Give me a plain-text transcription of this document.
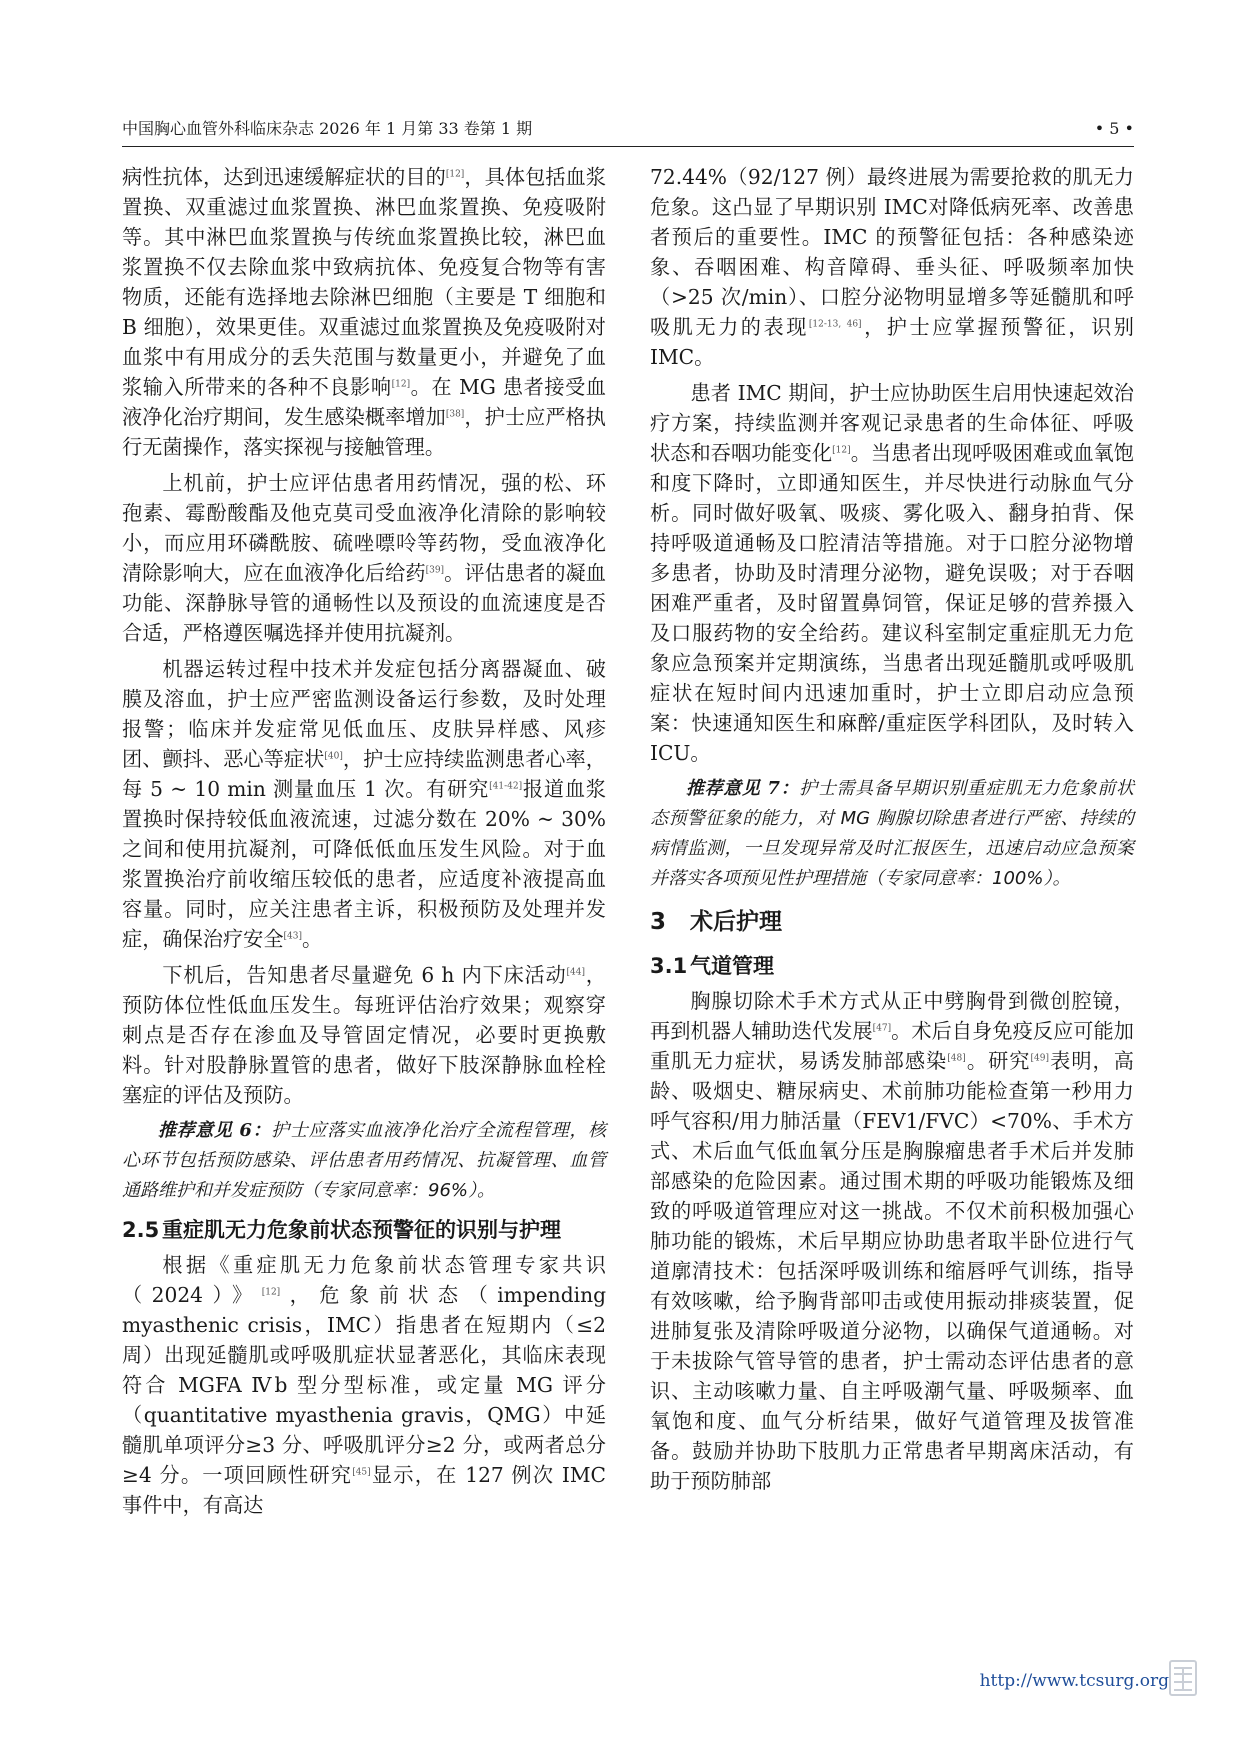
中国胸心血管外科临床杂志 2026 年 1 月第 33 卷第 1 期	• 5 •

病性抗体，达到迅速缓解症状的目的[12]，具体包括血浆置换、双重滤过血浆置换、淋巴血浆置换、免疫吸附等。其中淋巴血浆置换与传统血浆置换比较，淋巴血浆置换不仅去除血浆中致病抗体、免疫复合物等有害物质，还能有选择地去除淋巴细胞（主要是 T 细胞和 B 细胞），效果更佳。双重滤过血浆置换及免疫吸附对血浆中有用成分的丢失范围与数量更小，并避免了血浆输入所带来的各种不良影响[12]。在 MG 患者接受血液净化治疗期间，发生感染概率增加[38]，护士应严格执行无菌操作，落实探视与接触管理。

上机前，护士应评估患者用药情况，强的松、环孢素、霉酚酸酯及他克莫司受血液净化清除的影响较小，而应用环磷酰胺、硫唑嘌呤等药物，受血液净化清除影响大，应在血液净化后给药[39]。评估患者的凝血功能、深静脉导管的通畅性以及预设的血流速度是否合适，严格遵医嘱选择并使用抗凝剂。

机器运转过程中技术并发症包括分离器凝血、破膜及溶血，护士应严密监测设备运行参数，及时处理报警；临床并发症常见低血压、皮肤异样感、风疹团、颤抖、恶心等症状[40]，护士应持续监测患者心率，每 5 ~ 10 min 测量血压 1 次。有研究[41-42]报道血浆置换时保持较低血液流速，过滤分数在 20% ~ 30% 之间和使用抗凝剂，可降低低血压发生风险。对于血浆置换治疗前收缩压较低的患者，应适度补液提高血容量。同时，应关注患者主诉，积极预防及处理并发症，确保治疗安全[43]。

下机后，告知患者尽量避免 6 h 内下床活动[44]，预防体位性低血压发生。每班评估治疗效果；观察穿刺点是否存在渗血及导管固定情况，必要时更换敷料。针对股静脉置管的患者，做好下肢深静脉血栓栓塞症的评估及预防。

推荐意见 6：护士应落实血液净化治疗全流程管理，核心环节包括预防感染、评估患者用药情况、抗凝管理、血管通路维护和并发症预防（专家同意率：96%）。

2.5 重症肌无力危象前状态预警征的识别与护理

根据《重症肌无力危象前状态管理专家共识（2024）》[12]，危象前状态（impending myasthenic crisis，IMC）指患者在短期内（≤2 周）出现延髓肌或呼吸肌症状显著恶化，其临床表现符合 MGFA Ⅳb 型分型标准，或定量 MG 评分（quantitative myasthenia gravis，QMG）中延髓肌单项评分≥3 分、呼吸肌评分≥2 分，或两者总分≥4 分。一项回顾性研究[45]显示，在 127 例次 IMC 事件中，有高达

72.44%（92/127 例）最终进展为需要抢救的肌无力危象。这凸显了早期识别 IMC对降低病死率、改善患者预后的重要性。IMC 的预警征包括：各种感染迹象、吞咽困难、构音障碍、垂头征、呼吸频率加快（>25 次/min）、口腔分泌物明显增多等延髓肌和呼吸肌无力的表现[12-13, 46]，护士应掌握预警征，识别 IMC。

患者 IMC 期间，护士应协助医生启用快速起效治疗方案，持续监测并客观记录患者的生命体征、呼吸状态和吞咽功能变化[12]。当患者出现呼吸困难或血氧饱和度下降时，立即通知医生，并尽快进行动脉血气分析。同时做好吸氧、吸痰、雾化吸入、翻身拍背、保持呼吸道通畅及口腔清洁等措施。对于口腔分泌物增多患者，协助及时清理分泌物，避免误吸；对于吞咽困难严重者，及时留置鼻饲管，保证足够的营养摄入及口服药物的安全给药。建议科室制定重症肌无力危象应急预案并定期演练，当患者出现延髓肌或呼吸肌症状在短时间内迅速加重时，护士立即启动应急预案：快速通知医生和麻醉/重症医学科团队，及时转入 ICU。

推荐意见 7：护士需具备早期识别重症肌无力危象前状态预警征象的能力，对 MG 胸腺切除患者进行严密、持续的病情监测，一旦发现异常及时汇报医生，迅速启动应急预案并落实各项预见性护理措施（专家同意率：100%）。

3 术后护理
3.1 气道管理

胸腺切除术手术方式从正中劈胸骨到微创腔镜，再到机器人辅助迭代发展[47]。术后自身免疫反应可能加重肌无力症状，易诱发肺部感染[48]。研究[49]表明，高龄、吸烟史、糖尿病史、术前肺功能检查第一秒用力呼气容积/用力肺活量（FEV1/FVC）<70%、手术方式、术后血气低血氧分压是胸腺瘤患者手术后并发肺部感染的危险因素。通过围术期的呼吸功能锻炼及细致的呼吸道管理应对这一挑战。不仅术前积极加强心肺功能的锻炼，术后早期应协助患者取半卧位进行气道廓清技术：包括深呼吸训练和缩唇呼气训练，指导有效咳嗽，给予胸背部叩击或使用振动排痰装置，促进肺复张及清除呼吸道分泌物，以确保气道通畅。对于未拔除气管导管的患者，护士需动态评估患者的意识、主动咳嗽力量、自主呼吸潮气量、呼吸频率、血氧饱和度、血气分析结果，做好气道管理及拔管准备。鼓励并协助下肢肌力正常患者早期离床活动，有助于预防肺部

http://www.tcsurg.org
